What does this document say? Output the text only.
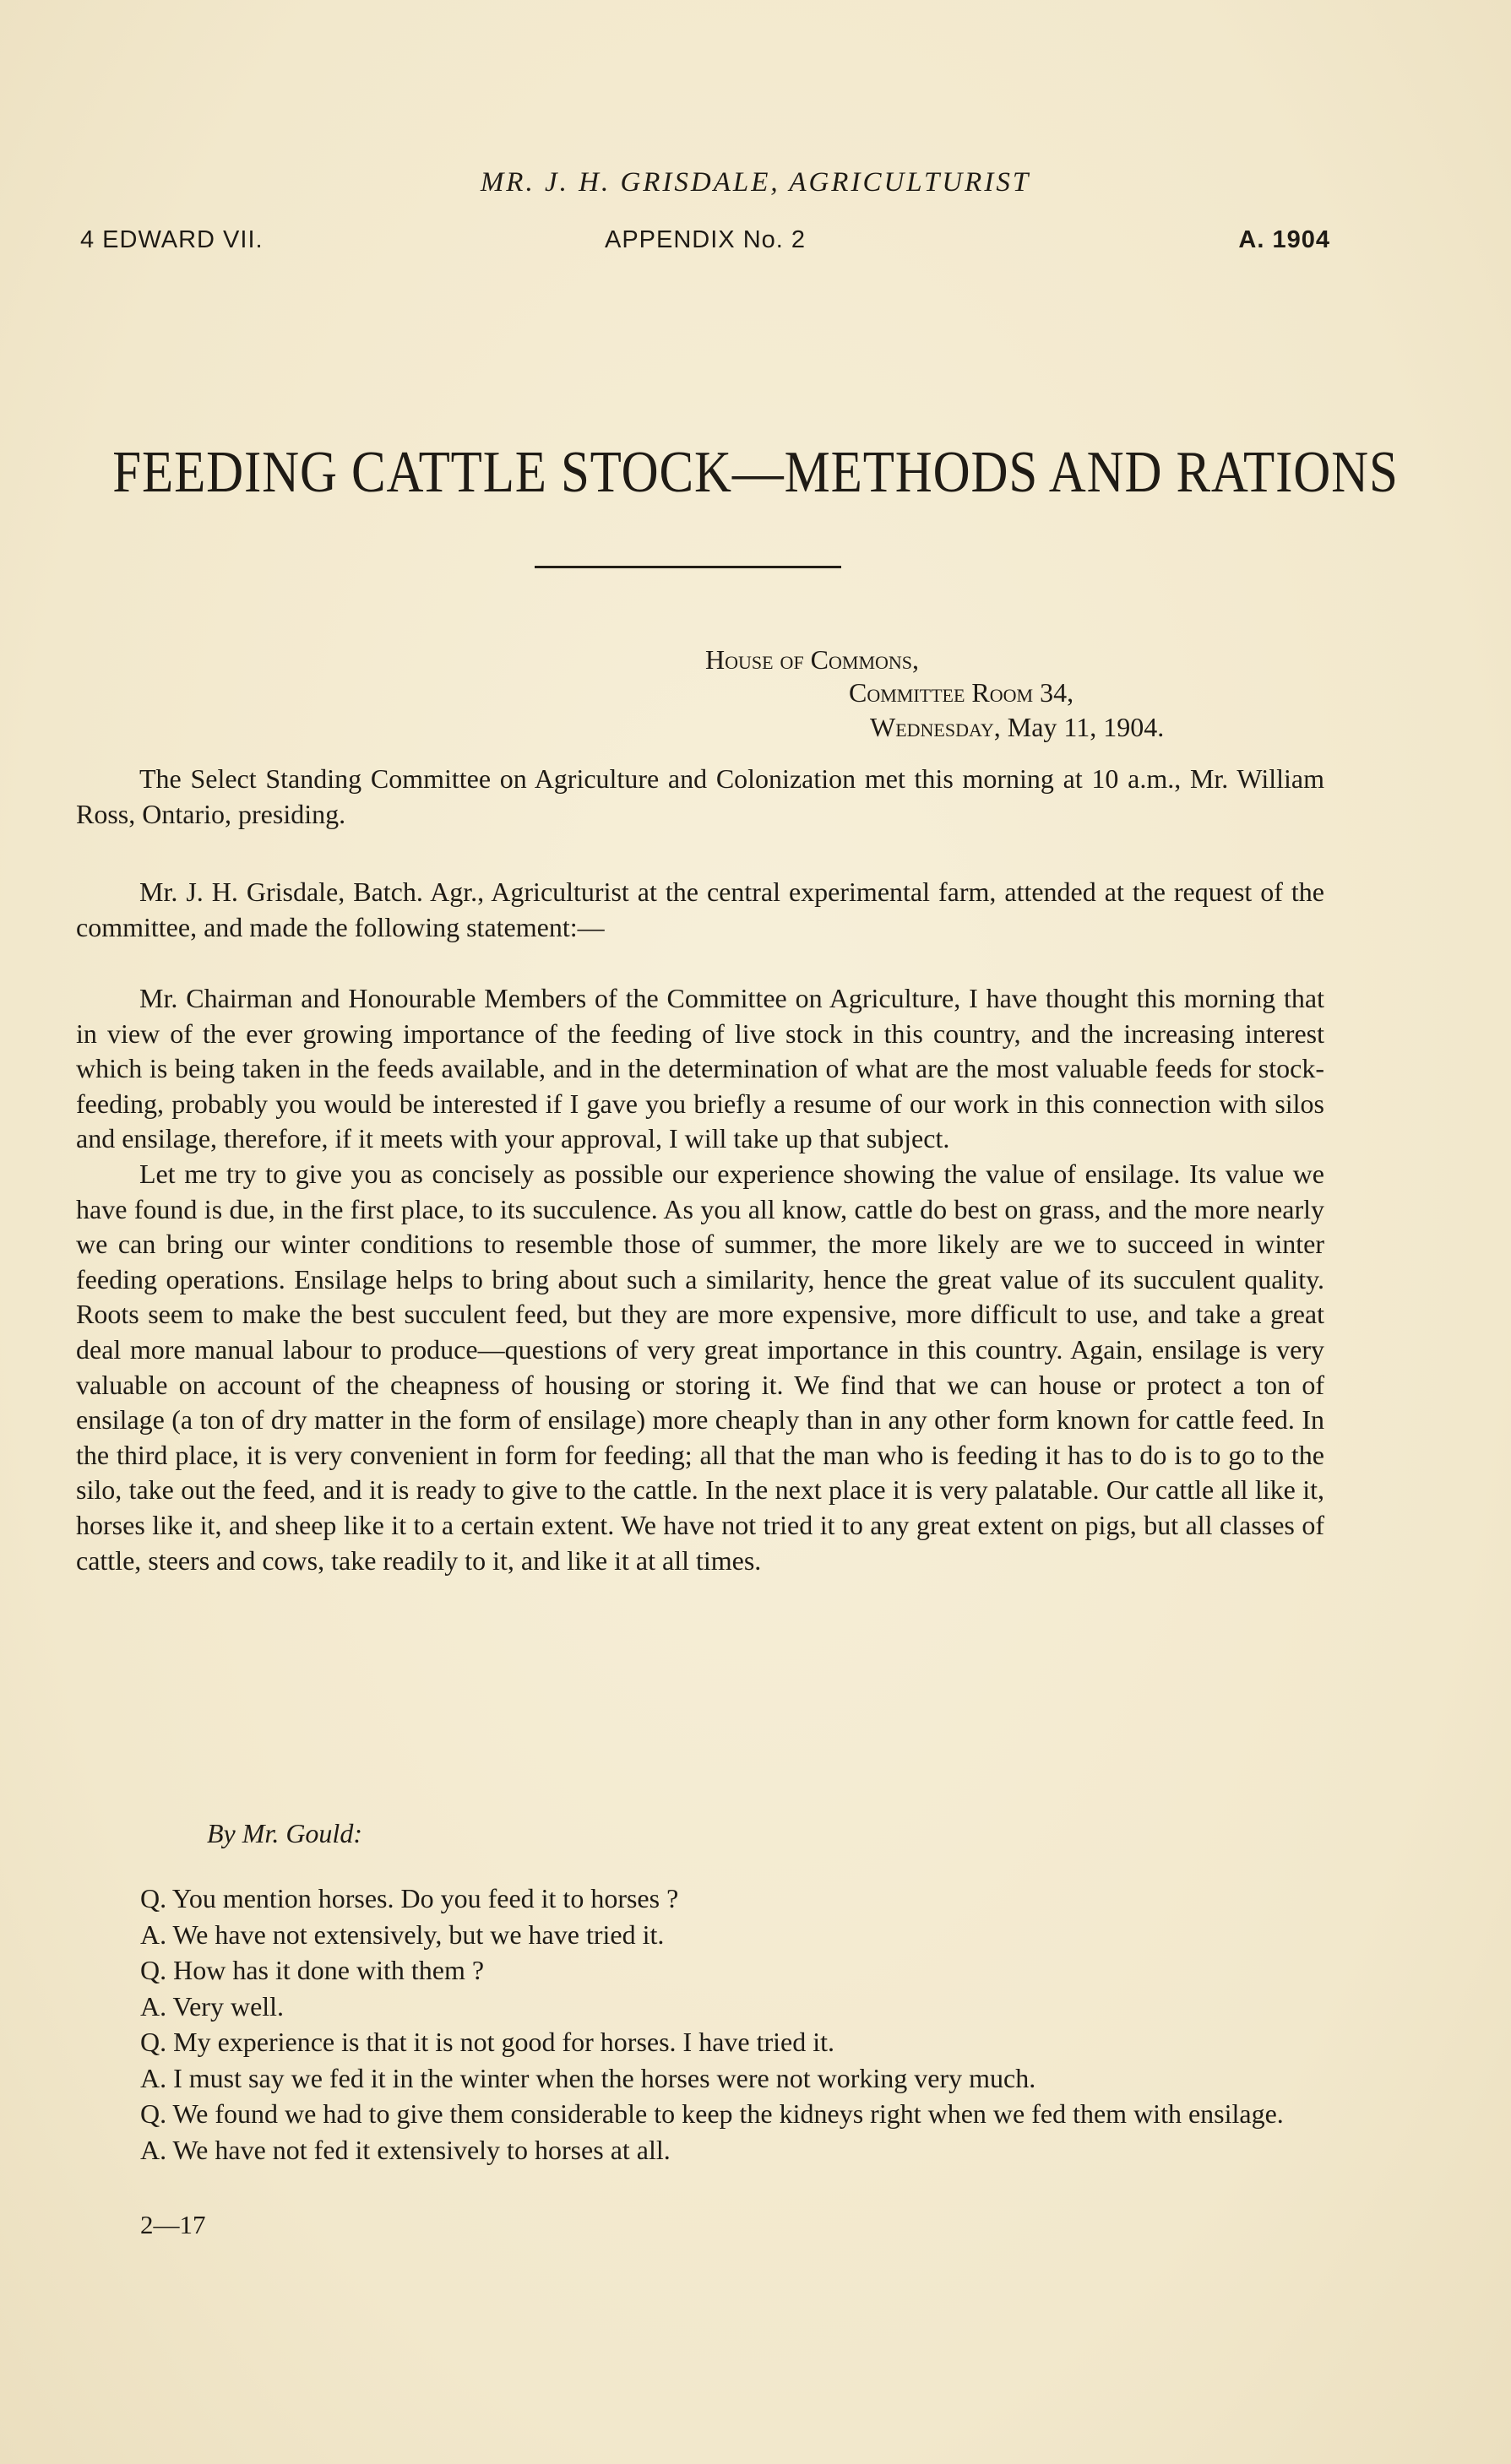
MR. J. H. GRISDALE, AGRICULTURIST
4 EDWARD VII.	APPENDIX No. 2	A. 1904
FEEDING CATTLE STOCK—METHODS AND RATIONS
House of Commons,
Committee Room 34,
Wednesday, May 11, 1904.

The Select Standing Committee on Agriculture and Colonization met this morning at 10 a.m., Mr. William Ross, Ontario, presiding.

Mr. J. H. Grisdale, Batch. Agr., Agriculturist at the central experimental farm, attended at the request of the committee, and made the following statement:—

Mr. Chairman and Honourable Members of the Committee on Agriculture, I have thought this morning that in view of the ever growing importance of the feeding of live stock in this country, and the increasing interest which is being taken in the feeds available, and in the determination of what are the most valuable feeds for stock-feeding, probably you would be interested if I gave you briefly a resume of our work in this connection with silos and ensilage, therefore, if it meets with your approval, I will take up that subject.

Let me try to give you as concisely as possible our experience showing the value of ensilage. Its value we have found is due, in the first place, to its succulence. As you all know, cattle do best on grass, and the more nearly we can bring our winter conditions to resemble those of summer, the more likely are we to succeed in winter feeding operations. Ensilage helps to bring about such a similarity, hence the great value of its succulent quality. Roots seem to make the best succulent feed, but they are more expensive, more difficult to use, and take a great deal more manual labour to produce—questions of very great importance in this country. Again, ensilage is very valuable on account of the cheapness of housing or storing it. We find that we can house or protect a ton of ensilage (a ton of dry matter in the form of ensilage) more cheaply than in any other form known for cattle feed. In the third place, it is very convenient in form for feeding; all that the man who is feeding it has to do is to go to the silo, take out the feed, and it is ready to give to the cattle. In the next place it is very palatable. Our cattle all like it, horses like it, and sheep like it to a certain extent. We have not tried it to any great extent on pigs, but all classes of cattle, steers and cows, take readily to it, and like it at all times.

By Mr. Gould:

Q. You mention horses. Do you feed it to horses ?

A. We have not extensively, but we have tried it.

Q. How has it done with them ?

A. Very well.

Q. My experience is that it is not good for horses. I have tried it.

A. I must say we fed it in the winter when the horses were not working very much.

Q. We found we had to give them considerable to keep the kidneys right when we fed them with ensilage.

A. We have not fed it extensively to horses at all.

2—17
